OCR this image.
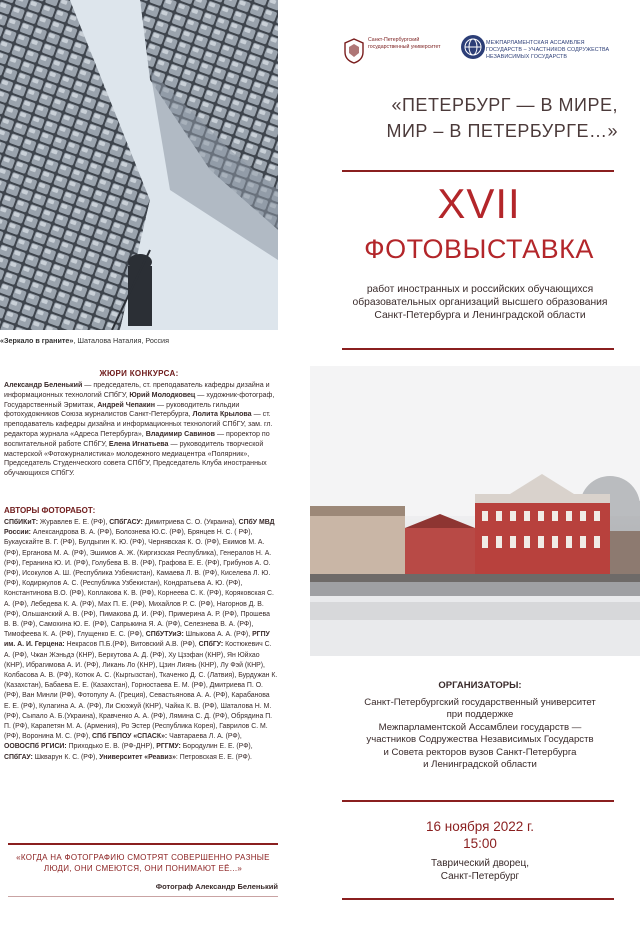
«Зеркало в граните», Шаталова Наталия, Россия
ЖЮРИ КОНКУРСА:
Александр Беленький — председатель, ст. преподаватель кафедры дизайна и информационных технологий СПбГУ, Юрий Молодковец — художник-фотограф, Государственный Эрмитаж, Андрей Чепакин — руководитель гильдии фотохудожников Союза журналистов Санкт-Петербурга, Лолита Крылова — ст. преподаватель кафедры дизайна и информационных технологий СПбГУ, зам. гл. редактора журнала «Адреса Петербурга», Владимир Савинов — проректор по воспитательной работе СПбГУ, Елена Игнатьева — руководитель творческой мастерской «Фотожурналистика» молодежного медиацентра «Полярник», Председатель Студенческого совета СПбГУ, Председатель Клуба иностранных обучающихся СПбГУ.
АВТОРЫ ФОТОРАБОТ:
СПбИКиТ: Журавлев Е. Е. (РФ), СПбГАСУ: Димитриева С. О. (Украина), СПбУ МВД России: Александрова В. А. (РФ), Болознева Ю.С. (РФ), Брянцев Н. С. ( РФ), Букаускайте В. Г. (РФ), Булдыгин К. Ю. (РФ), Чернявская К. О. (РФ), Екимов М. А. (РФ), Ерганова М. А. (РФ), Эшимов А. Ж. (Киргизская Республика), Генералов Н. А. (РФ), Геранина Ю. И. (РФ), Голубева В. В. (РФ), Графова Е. Е. (РФ), Грибунов А. О. (РФ), Исокулов А. Ш. (Республика Узбекистан), Камаева Л. В. (РФ), Киселева Л. Ю. (РФ), Кодиржулов А. С. (Республика Узбекистан), Кондратьева А. Ю. (РФ), Константинова В.О. (РФ), Коплакова К. В. (РФ), Корнеева С. К. (РФ), Коряковская С. А. (РФ), Лебедева К. А. (РФ), Мах П. Е. (РФ), Михайлов Р. С. (РФ), Нагорнов Д. В. (РФ), Ольшанский А. В. (РФ), Пимакова Д. И. (РФ), Примерина А. Р. (РФ), Прошева В. В. (РФ), Самохина Ю. Е. (РФ), Сапрыкина Я. А. (РФ), Селезнева В. А. (РФ), Тимофеева К. А. (РФ), Глущенко Е. С. (РФ), СПбУТУиЭ: Шпыкова А. А. (РФ), РГПУ им. А. И. Герцена: Некрасов П.Б.(РФ), Витовский А.В. (РФ), СПбГУ: Костюкевич С. А. (РФ), Чжан Жэньдэ (КНР), Беркутова А. Д. (РФ), Ху Цзэфан (КНР), Ян Юйхао (КНР), Ибрагимова А. И. (РФ), Ликань Ло (КНР), Цзин Лиянь (КНР), Лу Фэй (КНР), Колбасова А. В. (РФ), Котюк А. С. (Кыргызстан), Ткаченко Д. С. (Латвия), Бурдужан К. (Казахстан), Бабаева Е. Е. (Казахстан), Горностаева Е. М. (РФ), Дмитриева П. О. (РФ), Ван Минли (РФ), Фотопулу А. (Греция), Севастьянова А. А. (РФ), Карабанова Е. Е. (РФ), Кулагина А. А. (РФ), Ли Сюэжуй (КНР), Чайка К. В. (РФ), Шаталова Н. М. (РФ), Сыпало А. Б.(Украина), Кравченко А. А. (РФ), Лямина С. Д. (РФ), Обрядина П. П. (РФ), Карапетян М. А. (Армения), Ро Эстер (Республика Корея), Гаврилов С. М. (РФ), Воронина М. С. (РФ), СПб ГБПОУ «СПАСК»: Чавтараева Л. А. (РФ), ООВОСПб РГИСИ: Приходько Е. В. (РФ-ДНР), РГГМУ: Бородулин Е. Е. (РФ), СПбГАУ: Шкварун К. С. (РФ), Университет «Реавиз»: Петровская Е. Е. (РФ).
«КОГДА НА ФОТОГРАФИЮ СМОТРЯТ СОВЕРШЕННО РАЗНЫЕ ЛЮДИ, ОНИ СМЕЮТСЯ, ОНИ ПОНИМАЮТ ЕЁ...»
Фотограф Александр Беленький
Санкт-Петербургский государственный университет
МЕЖПАРЛАМЕНТСКАЯ АССАМБЛЕЯ ГОСУДАРСТВ – УЧАСТНИКОВ СОДРУЖЕСТВА НЕЗАВИСИМЫХ ГОСУДАРСТВ
«ПЕТЕРБУРГ — В МИРЕ,
МИР – В ПЕТЕРБУРГЕ…»
XVII
ФОТОВЫСТАВКА
работ иностранных и российских обучающихся образовательных организаций высшего образования Санкт-Петербурга и Ленинградской области
ОРГАНИЗАТОРЫ:
Санкт-Петербургский государственный университет
при поддержке
Межпарламентской Ассамблеи государств —
участников Содружества Независимых Государств
и Совета ректоров вузов Санкт-Петербурга
и Ленинградской области
16 ноября 2022 г.
15:00
Таврический дворец,
Санкт-Петербург
